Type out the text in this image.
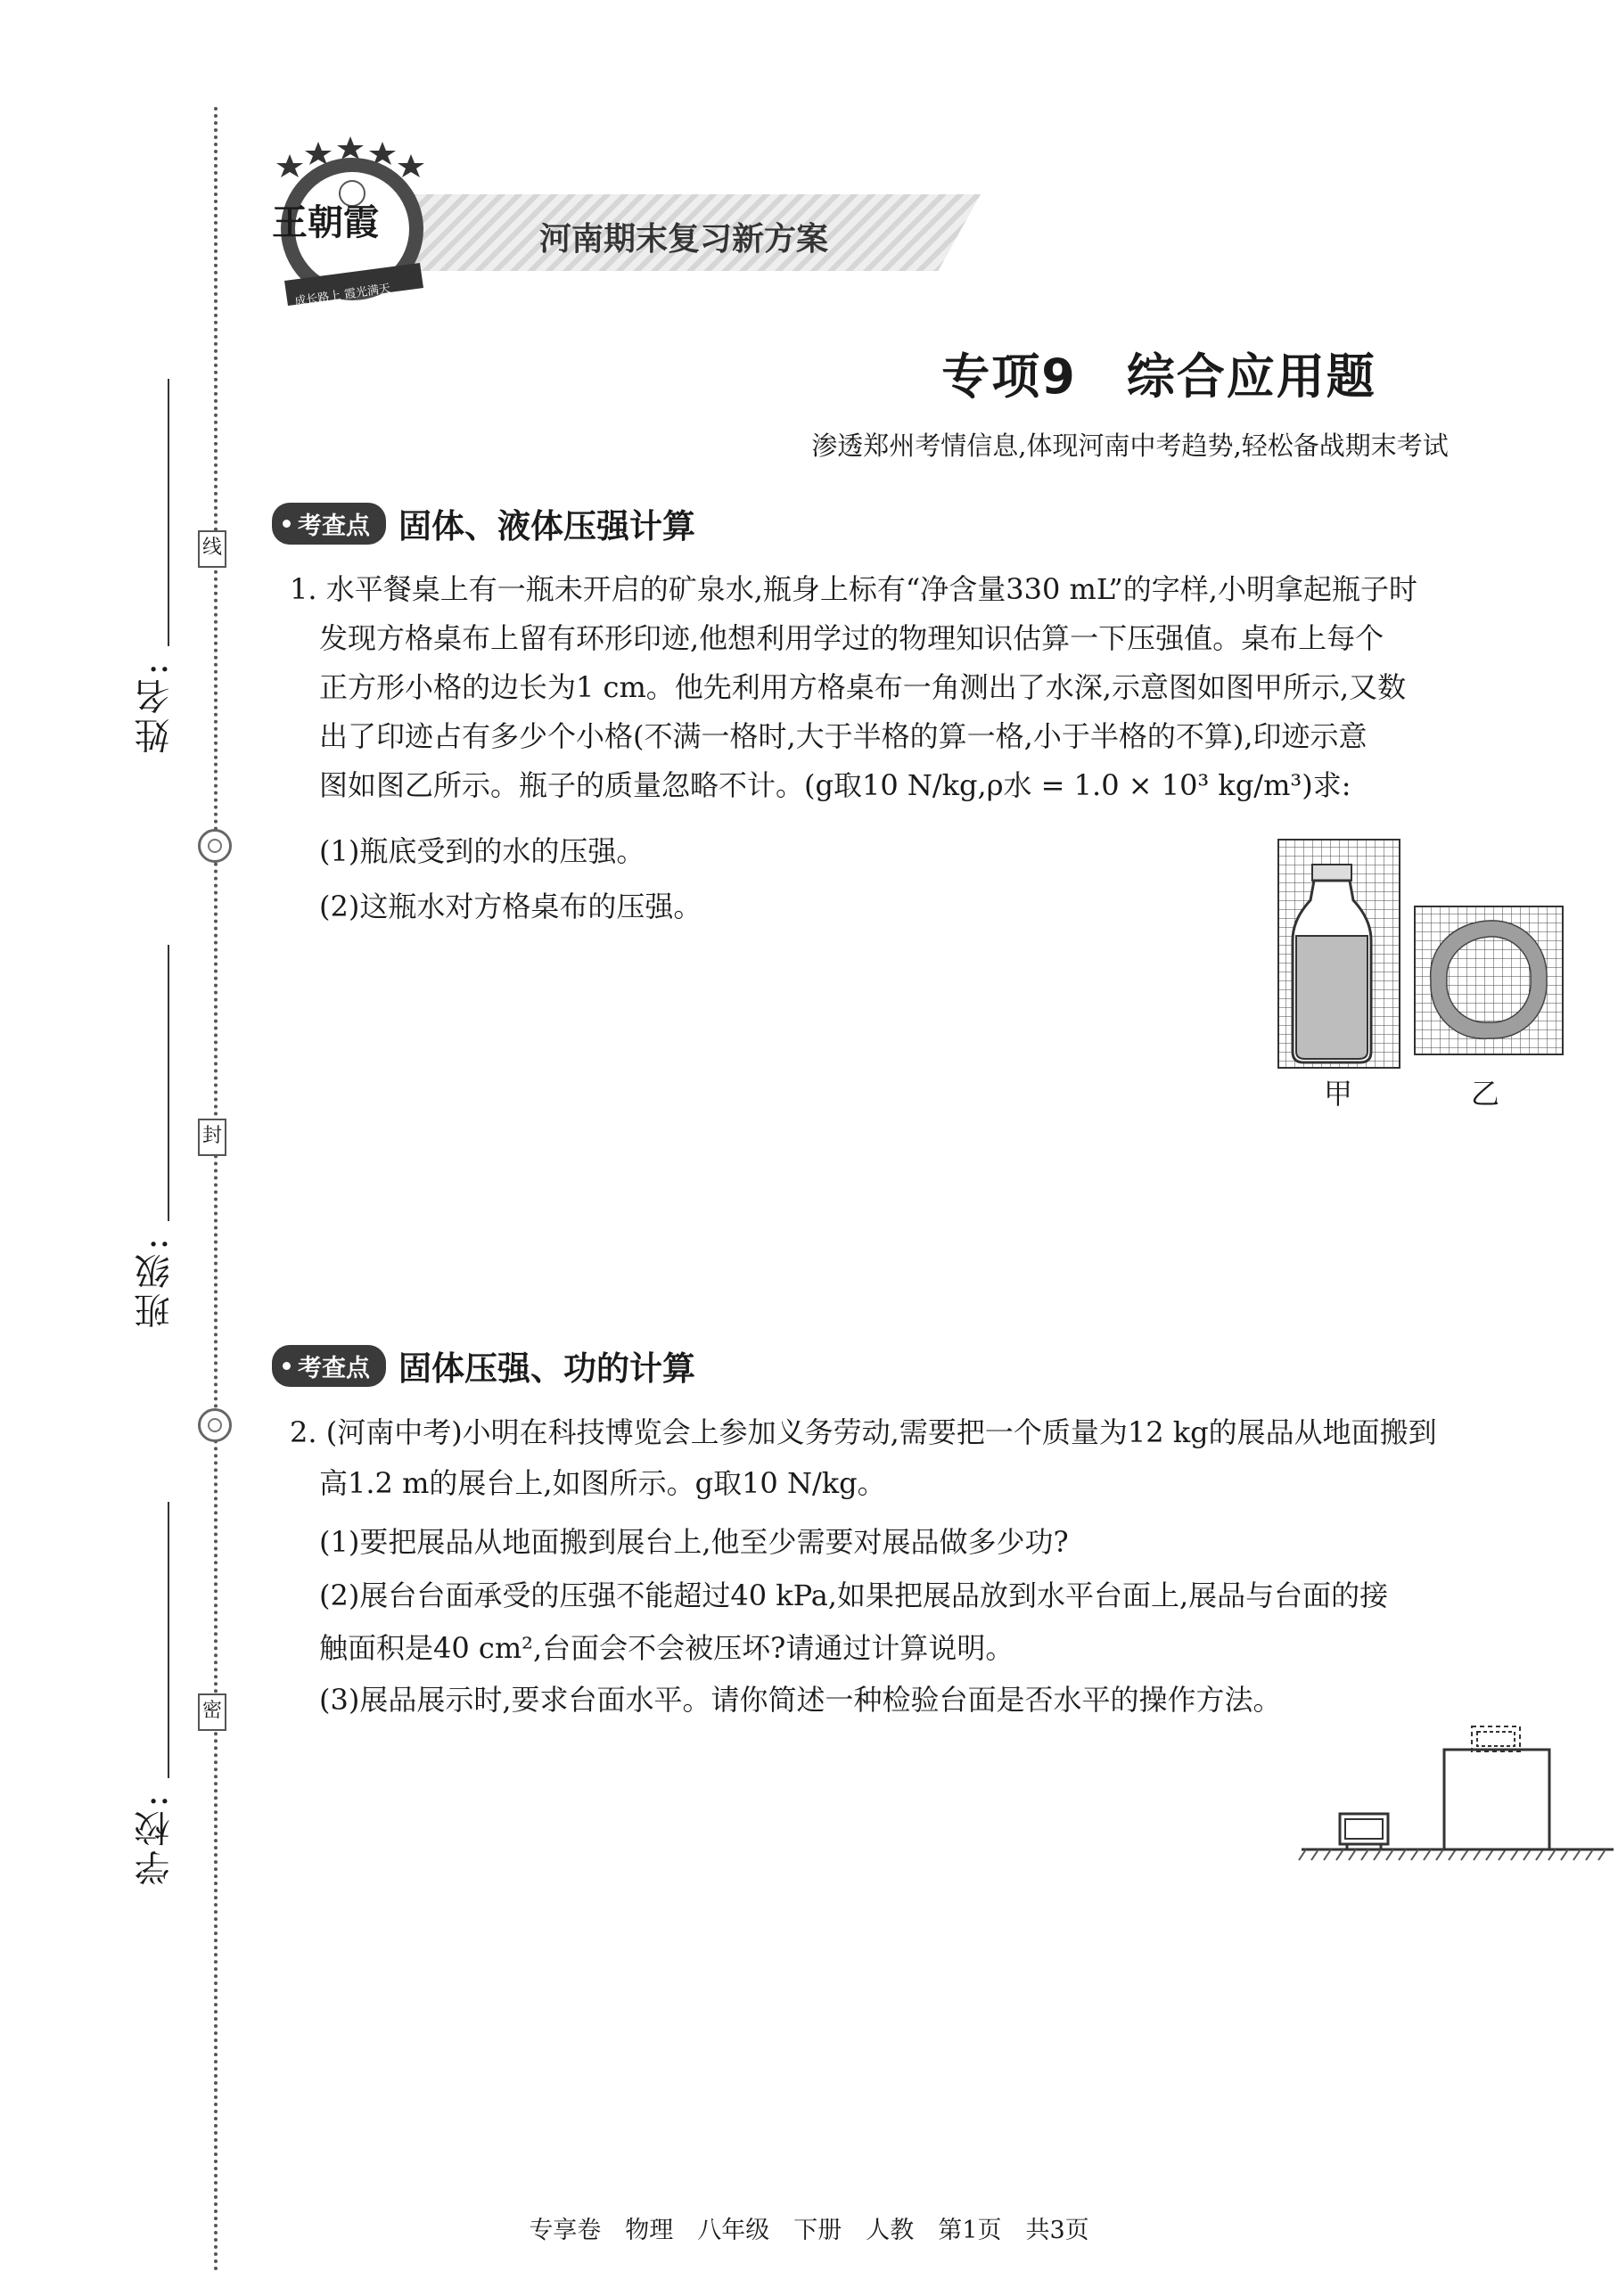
线
封
密
姓名:
班级:
学校:
河南期末复习新方案
王朝霞
成长路上 霞光满天
专项9　综合应用题
渗透郑州考情信息,体现河南中考趋势,轻松备战期末考试
考查点 固体、液体压强计算
1. 水平餐桌上有一瓶未开启的矿泉水,瓶身上标有“净含量330 mL”的字样,小明拿起瓶子时
发现方格桌布上留有环形印迹,他想利用学过的物理知识估算一下压强值。桌布上每个
正方形小格的边长为1 cm。他先利用方格桌布一角测出了水深,示意图如图甲所示,又数
出了印迹占有多少个小格(不满一格时,大于半格的算一格,小于半格的不算),印迹示意
图如图乙所示。瓶子的质量忽略不计。(g取10 N/kg,ρ水 = 1.0 × 10³ kg/m³)求:
(1)瓶底受到的水的压强。
(2)这瓶水对方格桌布的压强。
甲	乙
考查点 固体压强、功的计算
2. (河南中考)小明在科技博览会上参加义务劳动,需要把一个质量为12 kg的展品从地面搬到
高1.2 m的展台上,如图所示。g取10 N/kg。
(1)要把展品从地面搬到展台上,他至少需要对展品做多少功?
(2)展台台面承受的压强不能超过40 kPa,如果把展品放到水平台面上,展品与台面的接
触面积是40 cm²,台面会不会被压坏?请通过计算说明。
(3)展品展示时,要求台面水平。请你简述一种检验台面是否水平的操作方法。
专享卷　物理　八年级　下册　人教　第1页　共3页
